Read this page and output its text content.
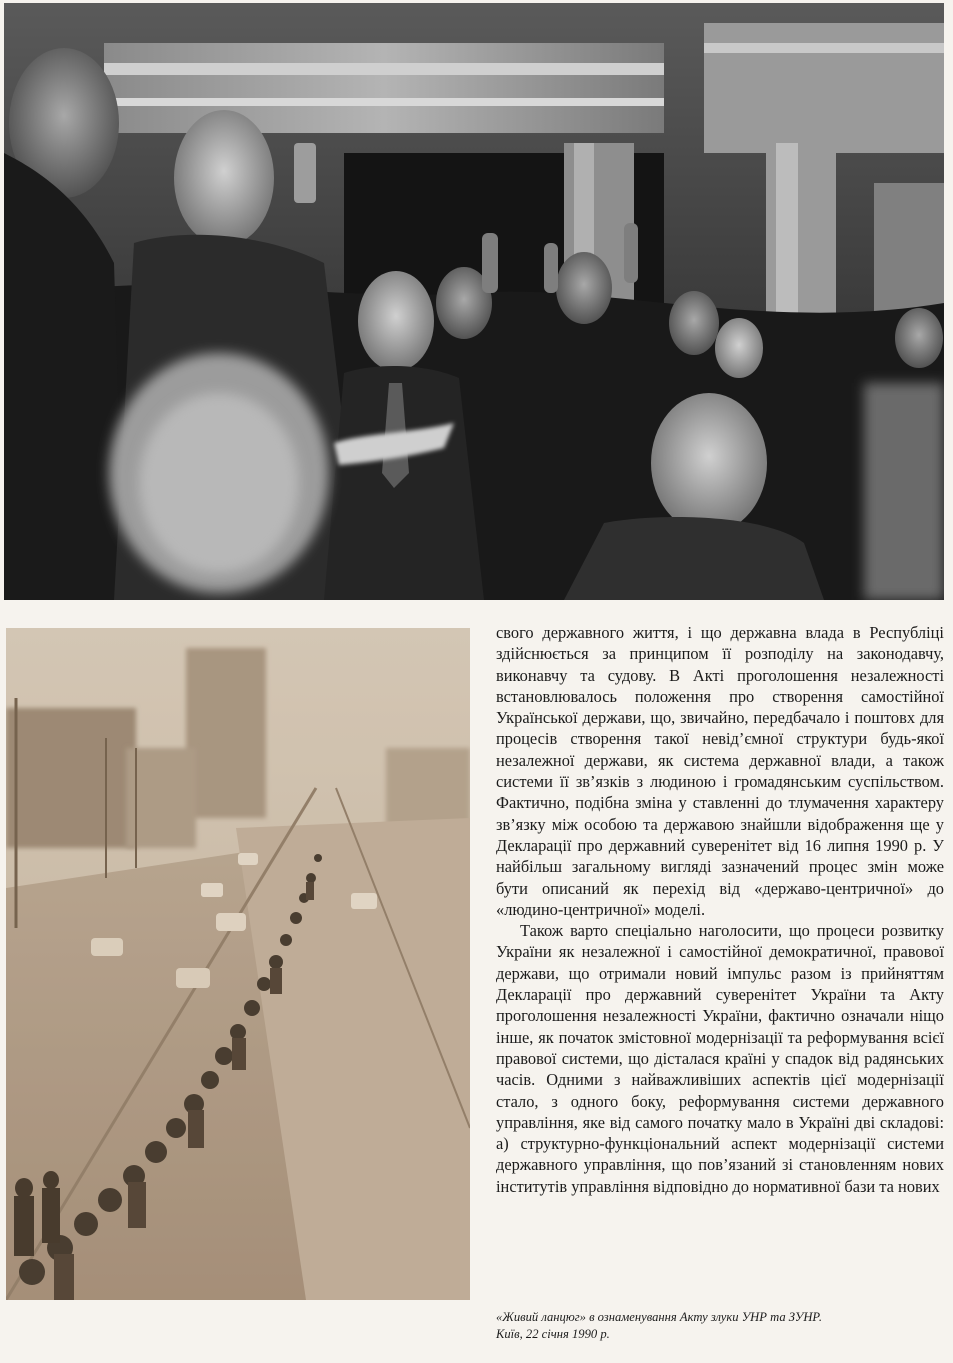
свого державного життя, і що державна влада в Республіці здійснюється за принципом її розподілу на законодавчу, виконавчу та судову. В Акті проголошення незалежності встановлювалось положення про створення самостійної Української держави, що, звичайно, передбачало і поштовх для процесів створення такої невід’ємної структури будь-якої незалежної держави, як система державної влади, а також системи її зв’язків з людиною і громадянським суспільством. Фактично, подібна зміна у ставленні до тлумачення характеру зв’язку між особою та державою знайшли відображення ще у Декларації про державний суверенітет від 16 липня 1990 р. У найбільш загальному вигляді зазначений процес змін може бути описаний як перехід від «державо-центричної» до «людино-центричної» моделі.

Також варто спеціально наголосити, що процеси розвитку України як незалежної і самостійної демократичної, правової держави, що отримали новий імпульс разом із прийняттям Декларації про державний суверенітет України та Акту проголошення незалежності України, фактично означали ніщо інше, як початок змістовної модернізації та реформування всієї правової системи, що дісталася країні у спадок від радянських часів. Одними з найважливіших аспектів цієї модернізації стало, з одного боку, реформування системи державного управління, яке від самого початку мало в Україні дві складові: а) структурно-функціональний аспект модернізації системи державного управління, що пов’язаний зі становленням нових інститутів управління відповідно до нормативної бази та нових

«Живий ланцюг» в ознаменування Акту злуки УНР та ЗУНР.
Київ, 22 січня 1990 р.
